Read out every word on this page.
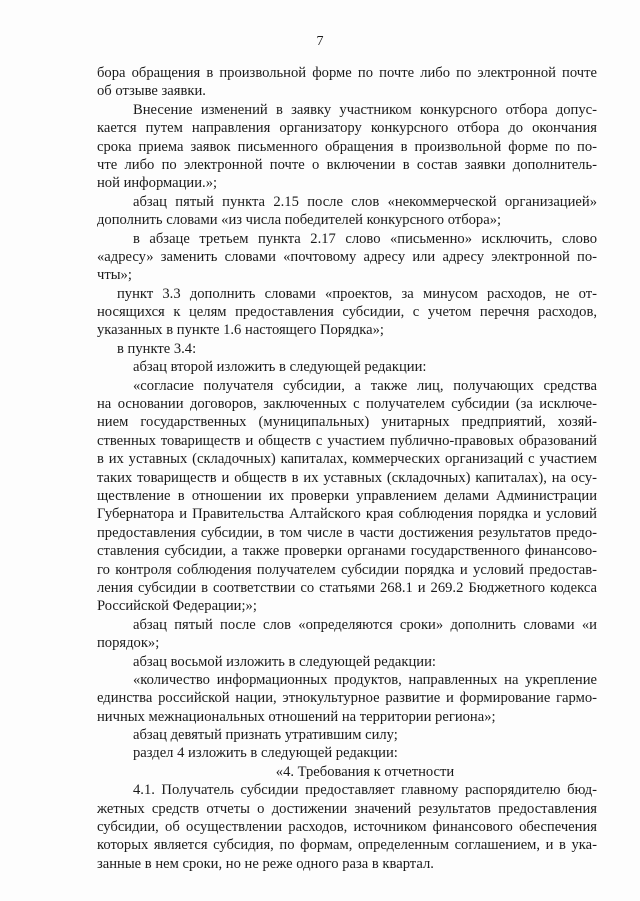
7
бора обращения в произвольной форме по почте либо по электронной почте
об отзыве заявки.
Внесение изменений в заявку участником конкурсного отбора допус-
кается путем направления организатору конкурсного отбора до окончания
срока приема заявок письменного обращения в произвольной форме по по-
чте либо по электронной почте о включении в состав заявки дополнитель-
ной информации.»;
абзац пятый пункта 2.15 после слов «некоммерческой организацией»
дополнить словами «из числа победителей конкурсного отбора»;
в абзаце третьем пункта 2.17 слово «письменно» исключить, слово
«адресу» заменить словами «почтовому адресу или адресу электронной по-
чты»;
пункт 3.3 дополнить словами «проектов, за минусом расходов, не от-
носящихся к целям предоставления субсидии, с учетом перечня расходов,
указанных в пункте 1.6 настоящего Порядка»;
в пункте 3.4:
абзац второй изложить в следующей редакции:
«согласие получателя субсидии, а также лиц, получающих средства
на основании договоров, заключенных с получателем субсидии (за исключе-
нием государственных (муниципальных) унитарных предприятий, хозяй-
ственных товариществ и обществ с участием публично-правовых образований
в их уставных (складочных) капиталах, коммерческих организаций с участием
таких товариществ и обществ в их уставных (складочных) капиталах), на осу-
ществление в отношении их проверки управлением делами Администрации
Губернатора и Правительства Алтайского края соблюдения порядка и условий
предоставления субсидии, в том числе в части достижения результатов предо-
ставления субсидии, а также проверки органами государственного финансово-
го контроля соблюдения получателем субсидии порядка и условий предостав-
ления субсидии в соответствии со статьями 268.1 и 269.2 Бюджетного кодекса
Российской Федерации;»;
абзац пятый после слов «определяются сроки» дополнить словами «и
порядок»;
абзац восьмой изложить в следующей редакции:
«количество информационных продуктов, направленных на укрепление
единства российской нации, этнокультурное развитие и формирование гармо-
ничных межнациональных отношений на территории региона»;
абзац девятый признать утратившим силу;
раздел 4 изложить в следующей редакции:
«4. Требования к отчетности
4.1. Получатель субсидии предоставляет главному распорядителю бюд-
жетных средств отчеты о достижении значений результатов предоставления
субсидии, об осуществлении расходов, источником финансового обеспечения
которых является субсидия, по формам, определенным соглашением, и в ука-
занные в нем сроки, но не реже одного раза в квартал.
